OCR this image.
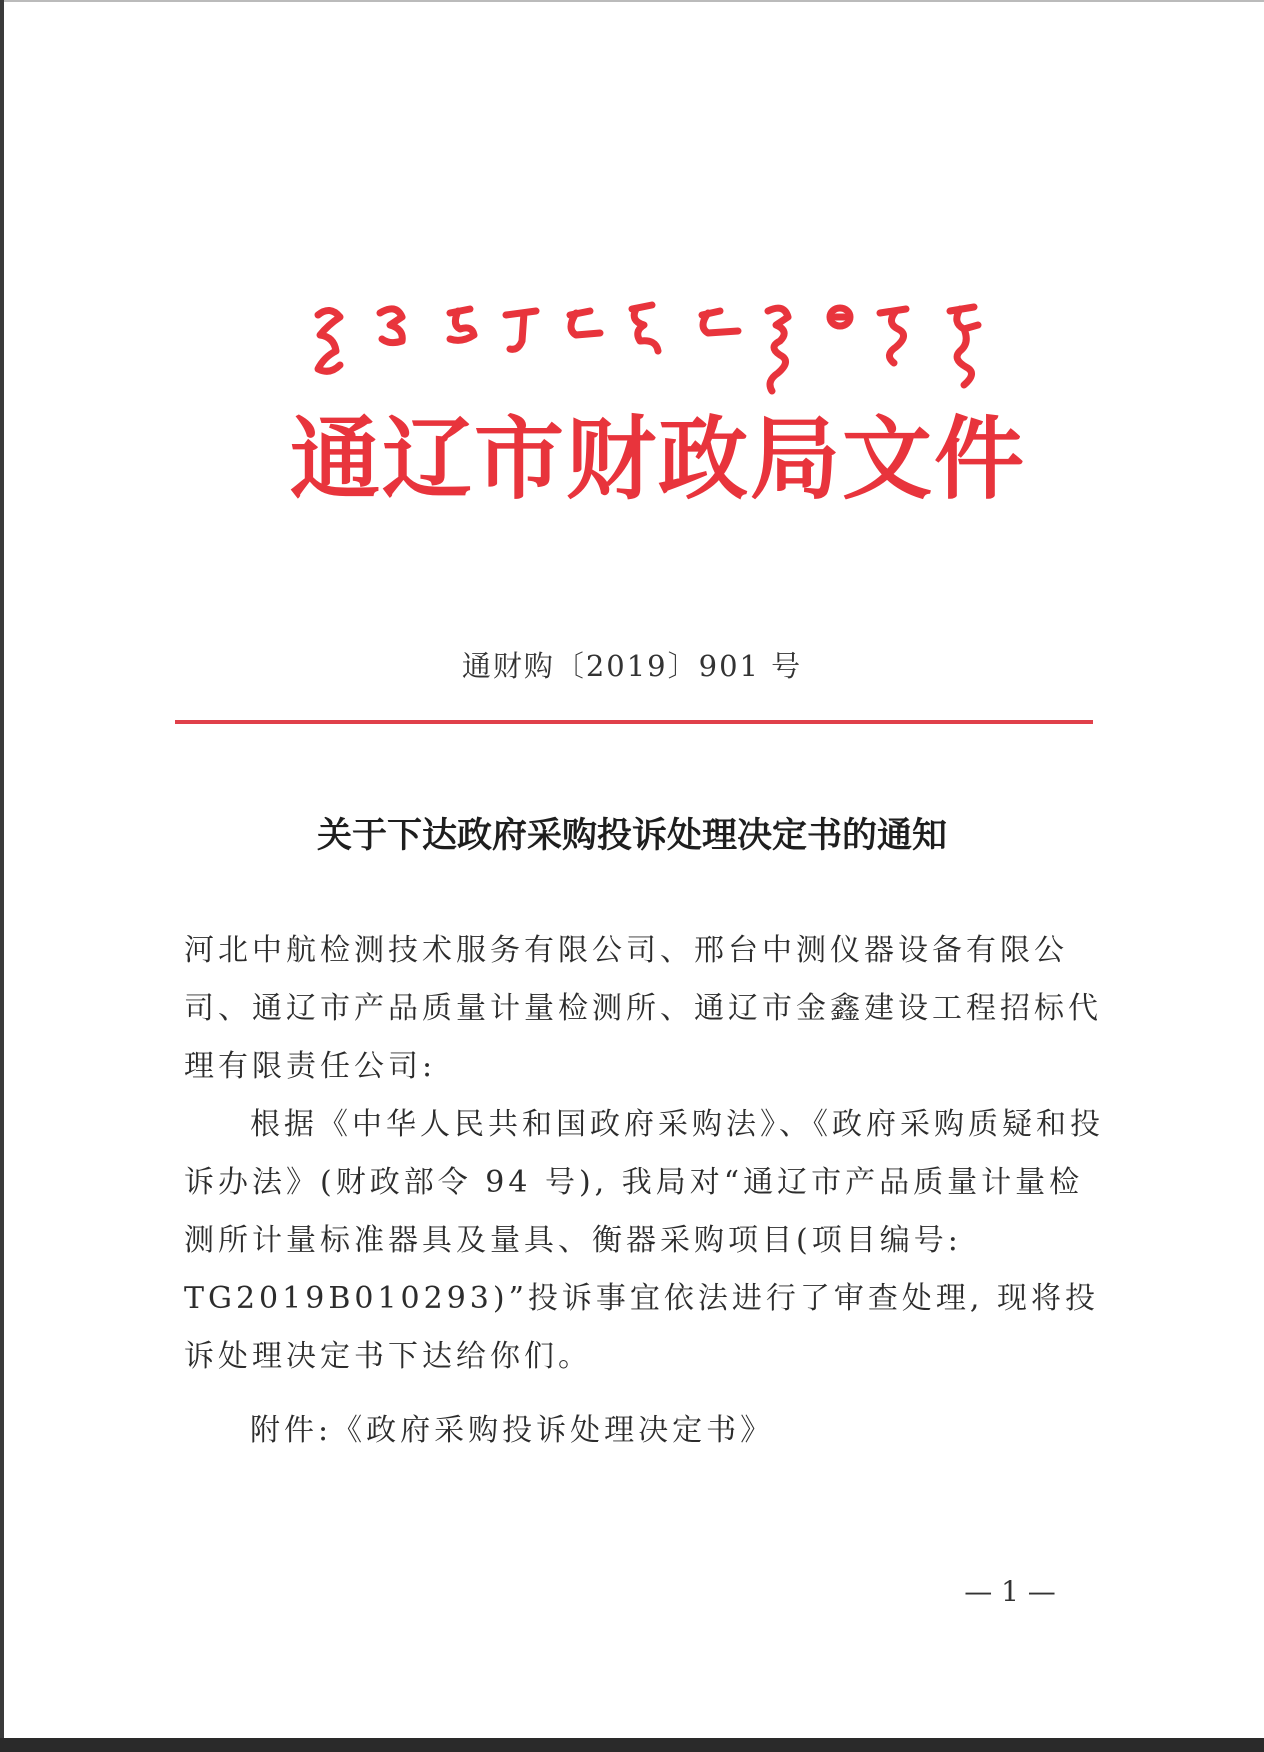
通辽市财政局文件
通财购〔2019〕901 号
关于下达政府采购投诉处理决定书的通知
河北中航检测技术服务有限公司、邢台中测仪器设备有限公司、通辽市产品质量计量检测所、通辽市金鑫建设工程招标代理有限责任公司:
根据《中华人民共和国政府采购法》、《政府采购质疑和投诉办法》(财政部令 94 号), 我局对“通辽市产品质量计量检测所计量标准器具及量具、衡器采购项目(项目编号: TG2019B010293)”投诉事宜依法进行了审查处理, 现将投诉处理决定书下达给你们。
附件:《政府采购投诉处理决定书》
— 1 —
